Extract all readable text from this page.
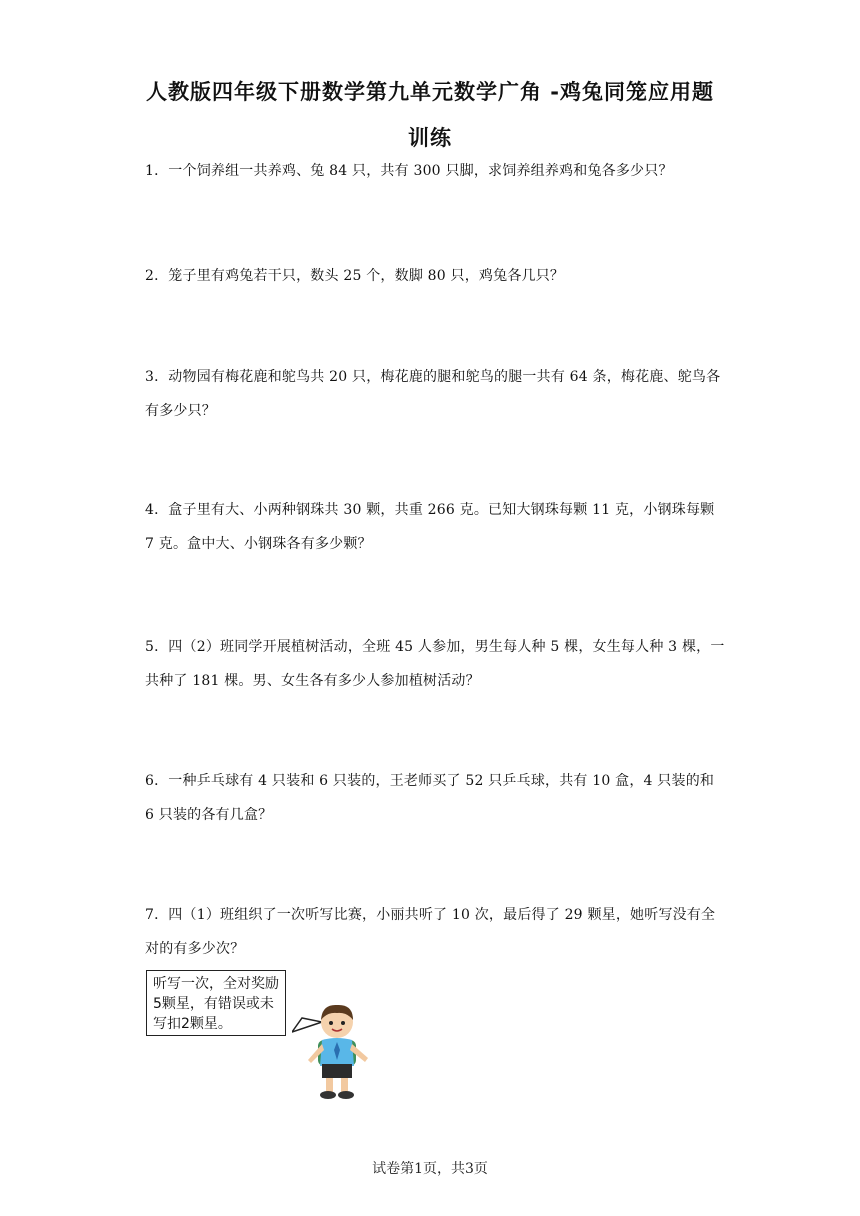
人教版四年级下册数学第九单元数学广角 -鸡兔同笼应用题
训练
1．一个饲养组一共养鸡、兔 84 只，共有 300 只脚，求饲养组养鸡和兔各多少只？
2．笼子里有鸡兔若干只，数头 25 个，数脚 80 只，鸡兔各几只？
3．动物园有梅花鹿和鸵鸟共 20 只，梅花鹿的腿和鸵鸟的腿一共有 64 条，梅花鹿、鸵鸟各有多少只？
4．盒子里有大、小两种钢珠共 30 颗，共重 266 克。已知大钢珠每颗 11 克，小钢珠每颗 7 克。盒中大、小钢珠各有多少颗？
5．四（2）班同学开展植树活动，全班 45 人参加，男生每人种 5 棵，女生每人种 3 棵，一共种了 181 棵。男、女生各有多少人参加植树活动？
6．一种乒乓球有 4 只装和 6 只装的，王老师买了 52 只乒乓球，共有 10 盒，4 只装的和 6 只装的各有几盒？
7．四（1）班组织了一次听写比赛，小丽共听了 10 次，最后得了 29 颗星，她听写没有全对的有多少次？
听写一次，全对奖励5颗星，有错误或未写扣2颗星。
试卷第1页，共3页
